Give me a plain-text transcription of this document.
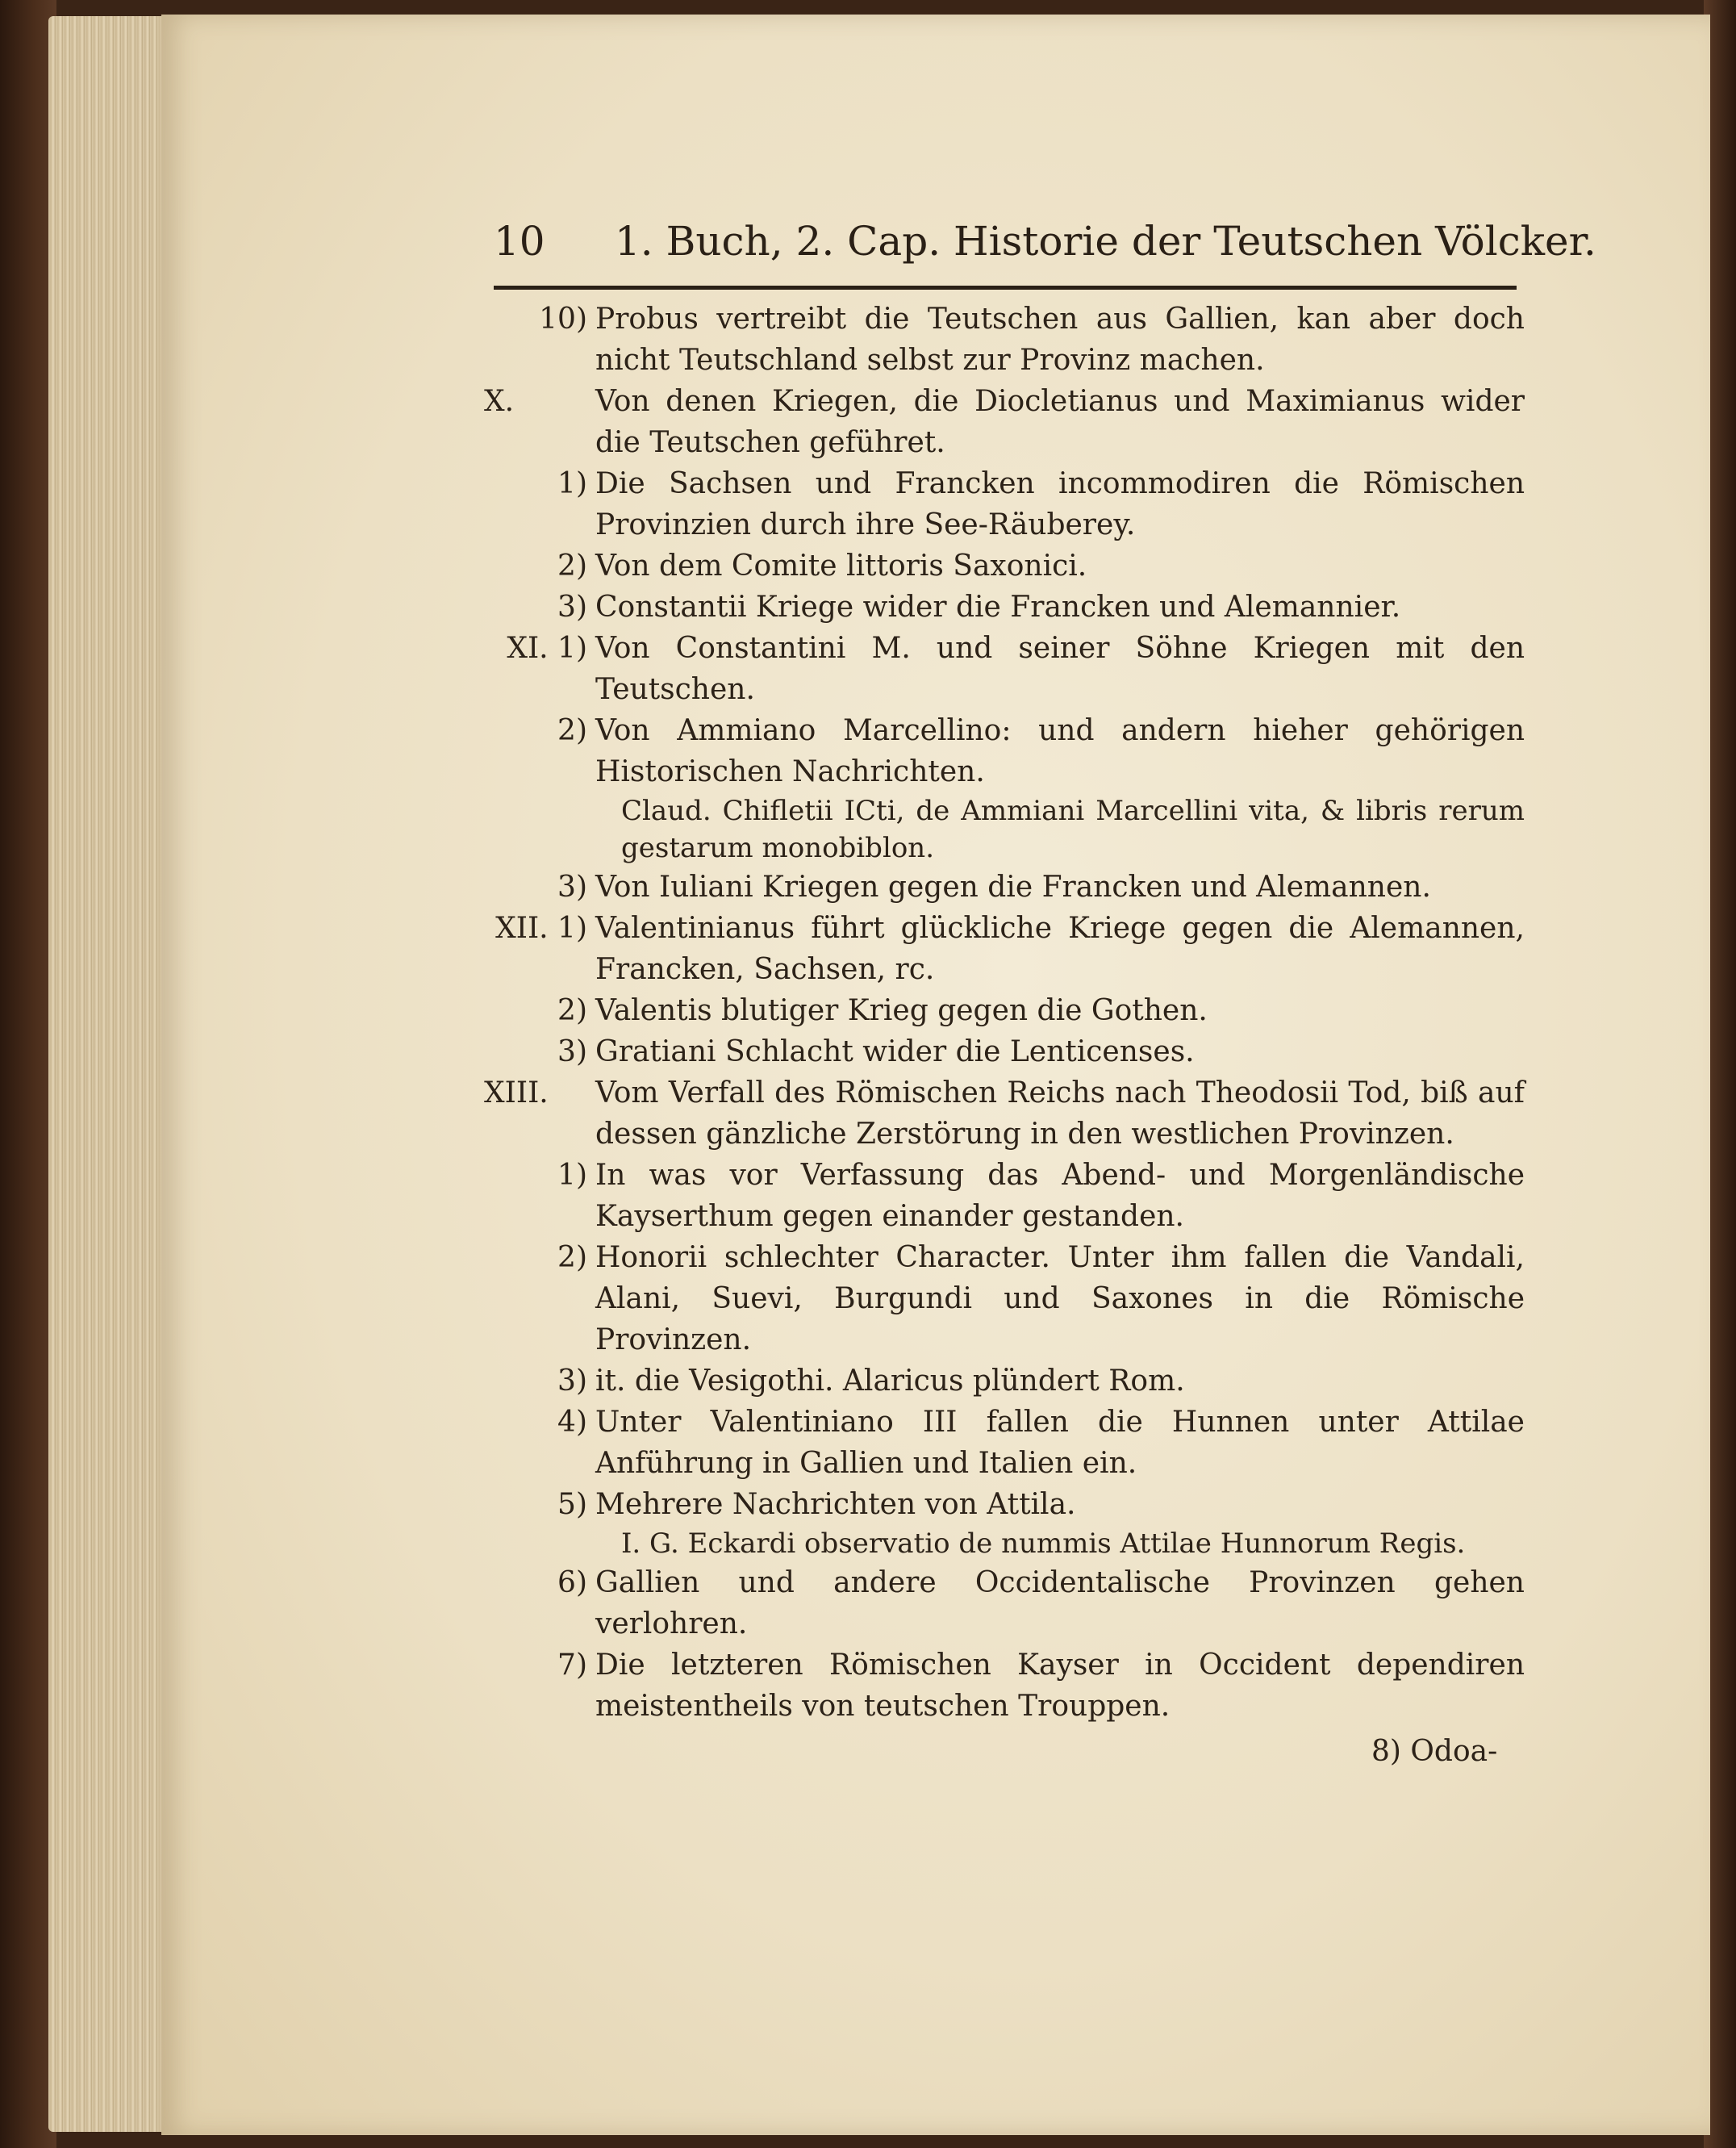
10 1. Buch, 2. Cap. Historie der Teutschen Völcker.
10) Probus vertreibt die Teutschen aus Gallien, kan aber doch nicht Teutschland selbst zur Provinz machen.
X.	Von denen Kriegen, die Diocletianus und Maximianus wider die Teutschen geführet.
1) Die Sachsen und Francken incommodiren die Römischen Provinzien durch ihre See-Räuberey.
2) Von dem Comite littoris Saxonici.
3) Constantii Kriege wider die Francken und Alemannier.
XI. 1) Von Constantini M. und seiner Söhne Kriegen mit den Teutschen.
2) Von Ammiano Marcellino: und andern hieher gehörigen Historischen Nachrichten.
Claud. Chifletii ICti, de Ammiani Marcellini vita, & libris rerum gestarum monobiblon.
3) Von Iuliani Kriegen gegen die Francken und Alemannen.
XII. 1) Valentinianus führt glückliche Kriege gegen die Alemannen, Francken, Sachsen, rc.
2) Valentis blutiger Krieg gegen die Gothen.
3) Gratiani Schlacht wider die Lenticenses.
XIII. Vom Verfall des Römischen Reichs nach Theodosii Tod, biß auf dessen gänzliche Zerstörung in den westlichen Provinzen.
1) In was vor Verfassung das Abend- und Morgenländische Kayserthum gegen einander gestanden.
2) Honorii schlechter Character. Unter ihm fallen die Vandali, Alani, Suevi, Burgundi und Saxones in die Römische Provinzen.
3) it. die Vesigothi. Alaricus plündert Rom.
4) Unter Valentiniano III fallen die Hunnen unter Attilae Anführung in Gallien und Italien ein.
5) Mehrere Nachrichten von Attila.
I. G. Eckardi observatio de nummis Attilae Hunnorum Regis.
6) Gallien und andere Occidentalische Provinzen gehen verlohren.
7) Die letzteren Römischen Kayser in Occident dependiren meistentheils von teutschen Trouppen.
8) Odoa-
